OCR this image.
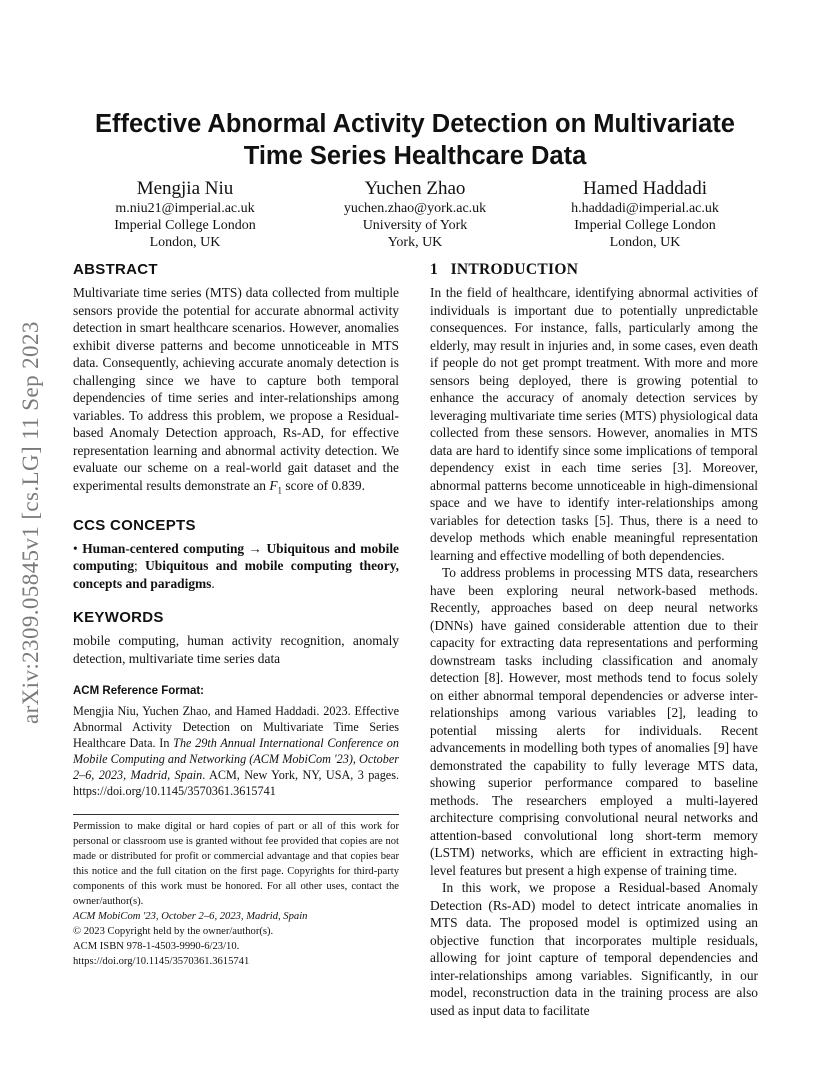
arXiv:2309.05845v1 [cs.LG] 11 Sep 2023
Effective Abnormal Activity Detection on Multivariate Time Series Healthcare Data
Mengjia Niu
m.niu21@imperial.ac.uk
Imperial College London
London, UK
Yuchen Zhao
yuchen.zhao@york.ac.uk
University of York
York, UK
Hamed Haddadi
h.haddadi@imperial.ac.uk
Imperial College London
London, UK
ABSTRACT

Multivariate time series (MTS) data collected from multiple sensors provide the potential for accurate abnormal activity detection in smart healthcare scenarios. However, anomalies exhibit diverse patterns and become unnoticeable in MTS data. Consequently, achieving accurate anomaly detection is challenging since we have to capture both temporal dependencies of time series and inter-relationships among variables. To address this problem, we propose a Residual-based Anomaly Detection approach, Rs-AD, for effective representation learning and abnormal activity detection. We evaluate our scheme on a real-world gait dataset and the experimental results demonstrate an $F_1$ score of 0.839.

CCS CONCEPTS

• Human-centered computing → Ubiquitous and mobile computing; Ubiquitous and mobile computing theory, concepts and paradigms.

KEYWORDS

mobile computing, human activity recognition, anomaly detection, multivariate time series data

ACM Reference Format:

Mengjia Niu, Yuchen Zhao, and Hamed Haddadi. 2023. Effective Abnormal Activity Detection on Multivariate Time Series Healthcare Data. In The 29th Annual International Conference on Mobile Computing and Networking (ACM MobiCom '23), October 2–6, 2023, Madrid, Spain. ACM, New York, NY, USA, 3 pages. https://doi.org/10.1145/3570361.3615741

Permission to make digital or hard copies of part or all of this work for personal or classroom use is granted without fee provided that copies are not made or distributed for profit or commercial advantage and that copies bear this notice and the full citation on the first page. Copyrights for third-party components of this work must be honored. For all other uses, contact the owner/author(s).
ACM MobiCom '23, October 2–6, 2023, Madrid, Spain
© 2023 Copyright held by the owner/author(s).
ACM ISBN 978-1-4503-9990-6/23/10.
https://doi.org/10.1145/3570361.3615741
1   INTRODUCTION

In the field of healthcare, identifying abnormal activities of individuals is important due to potentially unpredictable consequences. For instance, falls, particularly among the elderly, may result in injuries and, in some cases, even death if people do not get prompt treatment. With more and more sensors being deployed, there is growing potential to enhance the accuracy of anomaly detection services by leveraging multivariate time series (MTS) physiological data collected from these sensors. However, anomalies in MTS data are hard to identify since some implications of temporal dependency exist in each time series [3]. Moreover, abnormal patterns become unnoticeable in high-dimensional space and we have to identify inter-relationships among variables for detection tasks [5]. Thus, there is a need to develop methods which enable meaningful representation learning and effective modelling of both dependencies.

To address problems in processing MTS data, researchers have been exploring neural network-based methods. Recently, approaches based on deep neural networks (DNNs) have gained considerable attention due to their capacity for extracting data representations and performing downstream tasks including classification and anomaly detection [8]. However, most methods tend to focus solely on either abnormal temporal dependencies or adverse inter-relationships among various variables [2], leading to potential missing alerts for individuals. Recent advancements in modelling both types of anomalies [9] have demonstrated the capability to fully leverage MTS data, showing superior performance compared to baseline methods. The researchers employed a multi-layered architecture comprising convolutional neural networks and attention-based convolutional long short-term memory (LSTM) networks, which are efficient in extracting high-level features but present a high expense of training time.

In this work, we propose a Residual-based Anomaly Detection (Rs-AD) model to detect intricate anomalies in MTS data. The proposed model is optimized using an objective function that incorporates multiple residuals, allowing for joint capture of temporal dependencies and inter-relationships among variables. Significantly, in our model, reconstruction data in the training process are also used as input data to facilitate
